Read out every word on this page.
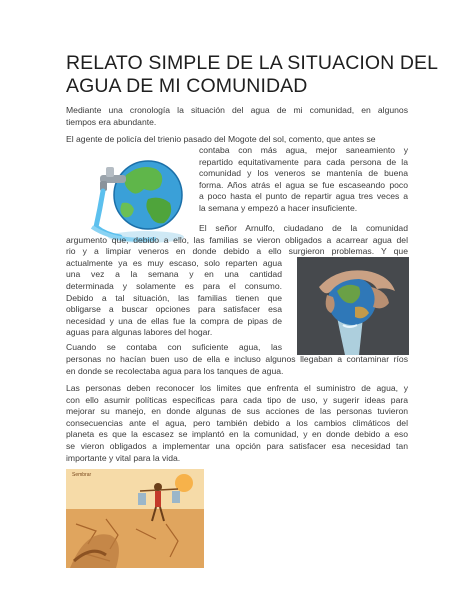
RELATO SIMPLE DE LA SITUACION DEL
AGUA DE MI COMUNIDAD
Mediante una cronología la situación del agua de mi comunidad, en algunos
tiempos era abundante.
El agente de policía del trienio pasado del Mogote del sol, comento, que antes se
contaba con más agua, mejor saneamiento y
repartido equitativamente para cada persona de la
comunidad y los veneros se mantenía de buena
forma. Años atrás el agua se fue escaseando poco
a poco hasta el punto de repartir agua tres veces a
la semana y empezó a hacer insuficiente.
El señor Arnulfo, ciudadano de la comunidad
argumento que, debido a ello, las familias se vieron obligados a acarrear agua del
rio y a limpiar veneros en donde debido a ello surgieron problemas. Y que
actualmente ya es muy escaso, solo reparten agua
una vez a la semana y en una cantidad
determinada y solamente es para el consumo.
Debido a tal situación, las familias tienen que
obligarse a buscar opciones para satisfacer esa
necesidad y una de ellas fue la compra de pipas de
aguas para algunas labores del hogar.
Cuando se contaba con suficiente agua, las
personas no hacían buen uso de ella e incluso algunos llegaban a contaminar ríos
en donde se recolectaba agua para los tanques de agua.
Las personas deben reconocer los limites que enfrenta el suministro de agua, y
con ello asumir políticas especificas para cada tipo de uso, y sugerir ideas para
mejorar su manejo, en donde algunas de sus acciones de las personas tuvieron
consecuencias ante el agua, pero también debido a los cambios climáticos del
planeta es que la escasez se implantó en la comunidad, y en donde debido a eso
se vieron obligados a implementar una opción para satisfacer esa necesidad tan
importante y vital para la vida.
Sembrar
